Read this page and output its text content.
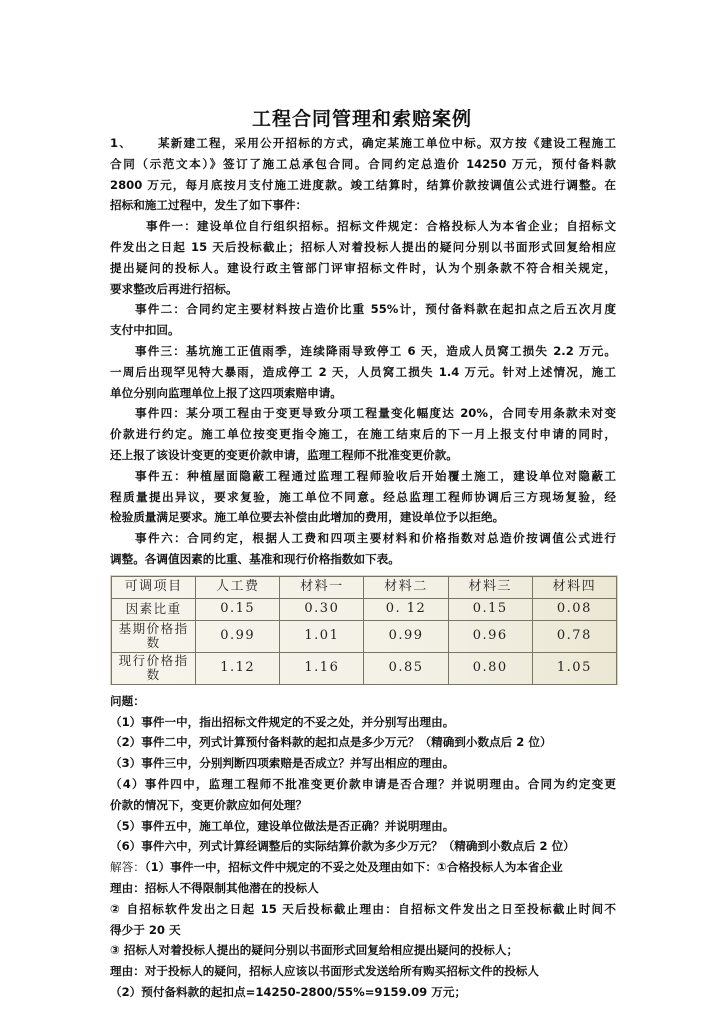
工程合同管理和索赔案例
1、     某新建工程，采用公开招标的方式，确定某施工单位中标。双方按《建设工程施工
合同（示范文本）》签订了施工总承包合同。合同约定总造价 14250 万元，预付备料款
2800 万元，每月底按月支付施工进度款。竣工结算时，结算价款按调值公式进行调整。在
招标和施工过程中，发生了如下事件：
事件一：建设单位自行组织招标。招标文件规定：合格投标人为本省企业；自招标文
件发出之日起 15 天后投标截止；招标人对着投标人提出的疑问分别以书面形式回复给相应
提出疑问的投标人。建设行政主管部门评审招标文件时，认为个别条款不符合相关规定，
要求整改后再进行招标。
事件二：合同约定主要材料按占造价比重 55%计，预付备料款在起扣点之后五次月度
支付中扣回。
事件三：基坑施工正值雨季，连续降雨导致停工 6 天，造成人员窝工损失 2.2 万元。
一周后出现罕见特大暴雨，造成停工 2 天，人员窝工损失 1.4 万元。针对上述情况，施工
单位分别向监理单位上报了这四项索赔申请。
事件四：某分项工程由于变更导致分项工程量变化幅度达 20%，合同专用条款未对变
价款进行约定。施工单位按变更指令施工，在施工结束后的下一月上报支付申请的同时，
还上报了该设计变更的变更价款申请，监理工程师不批准变更价款。
事件五：种植屋面隐蔽工程通过监理工程师验收后开始覆土施工，建设单位对隐蔽工
程质量提出异议，要求复验，施工单位不同意。经总监理工程师协调后三方现场复验，经
检验质量满足要求。施工单位要去补偿由此增加的费用，建设单位予以拒绝。
事件六：合同约定，根据人工费和四项主要材料和价格指数对总造价按调值公式进行
调整。各调值因素的比重、基准和现行价格指数如下表。
可调项目	人工费	材料一	材料二	材料三	材料四
因素比重	0.15	0.30	0. 12	0.15	0.08
基期价格指数	0.99	1.01	0.99	0.96	0.78
现行价格指数	1.12	1.16	0.85	0.80	1.05
问题：
（1）事件一中，指出招标文件规定的不妥之处，并分别写出理由。
（2）事件二中，列式计算预付备料款的起扣点是多少万元？（精确到小数点后 2 位）
（3）事件三中，分别判断四项索赔是否成立？并写出相应的理由。
（4）事件四中，监理工程师不批准变更价款申请是否合理？并说明理由。合同为约定变更
价款的情况下，变更价款应如何处理？
（5）事件五中，施工单位，建设单位做法是否正确？并说明理由。
（6）事件六中，列式计算经调整后的实际结算价款为多少万元？（精确到小数点后 2 位）
解答：（1）事件一中，招标文件中规定的不妥之处及理由如下：①合格投标人为本省企业
理由：招标人不得限制其他潜在的投标人
② 自招标软件发出之日起 15 天后投标截止理由：自招标文件发出之日至投标截止时间不
得少于 20 天
③ 招标人对着投标人提出的疑问分别以书面形式回复给相应提出疑问的投标人；
理由：对于投标人的疑问，招标人应该以书面形式发送给所有购买招标文件的投标人
（2）预付备料款的起扣点=14250-2800/55%=9159.09 万元；
